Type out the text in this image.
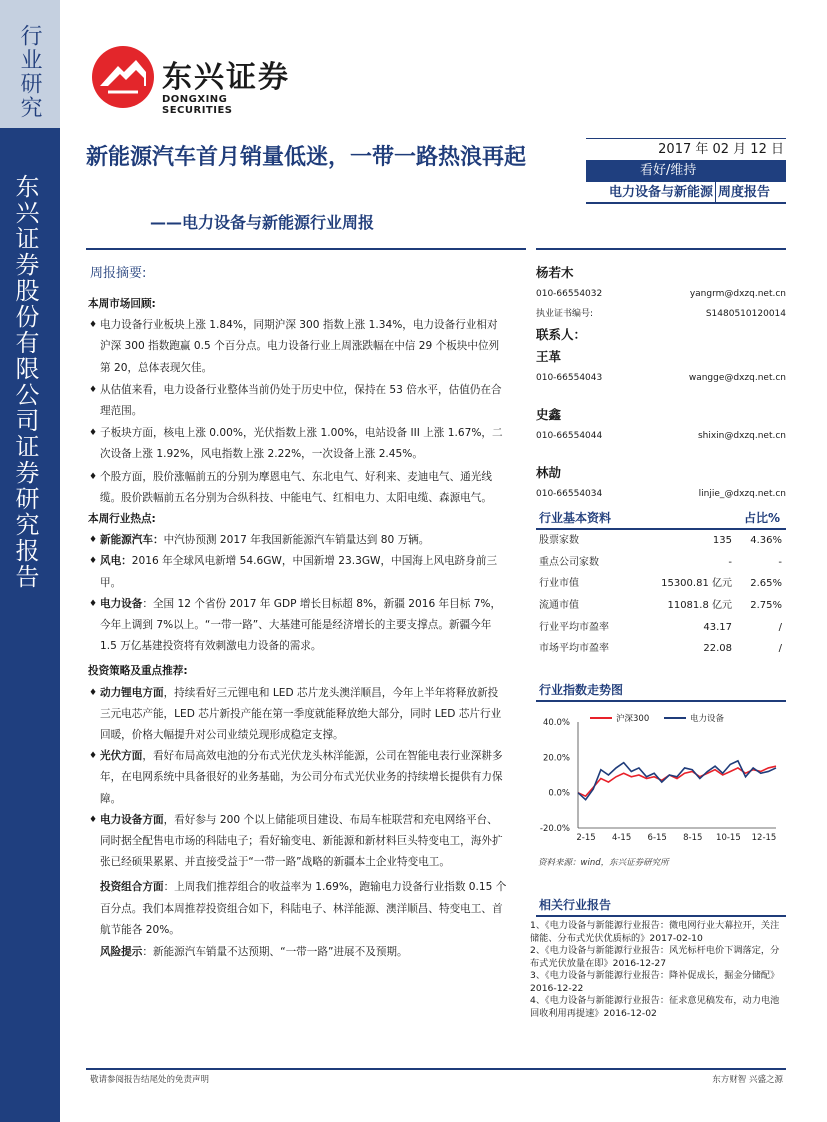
行业研究
东兴证券股份有限公司证券研究报告
东兴证券
DONGXING SECURITIES
新能源汽车首月销量低迷，一带一路热浪再起
——电力设备与新能源行业周报
2017 年 02 月 12 日
看好/维持
电力设备与新能源 周度报告
周报摘要:
本周市场回顾:
♦ 电力设备行业板块上涨 1.84%，同期沪深 300 指数上涨 1.34%，电力设备行业相对沪深 300 指数跑赢 0.5 个百分点。电力设备行业上周涨跌幅在中信 29 个板块中位列第 20，总体表现欠佳。
♦ 从估值来看，电力设备行业整体当前仍处于历史中位，保持在 53 倍水平，估值仍在合理范围。
♦ 子板块方面，核电上涨 0.00%，光伏指数上涨 1.00%，电站设备 III 上涨 1.67%，二次设备上涨 1.92%，风电指数上涨 2.22%，一次设备上涨 2.45%。
♦ 个股方面，股价涨幅前五的分别为摩恩电气、东北电气、好利来、麦迪电气、通光线缆。股价跌幅前五名分别为合纵科技、中能电气、红相电力、太阳电缆、森源电气。
本周行业热点:
♦ 新能源汽车：中汽协预测 2017 年我国新能源汽车销量达到 80 万辆。
♦ 风电：2016 年全球风电新增 54.6GW，中国新增 23.3GW，中国海上风电跻身前三甲。
♦ 电力设备：全国 12 个省份 2017 年 GDP 增长目标超 8%，新疆 2016 年目标 7%，今年上调到 7%以上。“一带一路”、大基建可能是经济增长的主要支撑点。新疆今年 1.5 万亿基建投资将有效刺激电力设备的需求。
投资策略及重点推荐:
♦ 动力锂电方面，持续看好三元锂电和 LED 芯片龙头澳洋顺昌，今年上半年将释放新投三元电芯产能，LED 芯片新投产能在第一季度就能释放绝大部分，同时 LED 芯片行业回暖，价格大幅提升对公司业绩兑现形成稳定支撑。
♦ 光伏方面，看好布局高效电池的分布式光伏龙头林洋能源，公司在智能电表行业深耕多年，在电网系统中具备很好的业务基础，为公司分布式光伏业务的持续增长提供有力保障。
♦ 电力设备方面，看好参与 200 个以上储能项目建设、布局车桩联营和充电网络平台、同时据全配售电市场的科陆电子；看好输变电、新能源和新材料巨头特变电工，海外扩张已经硕果累累、并直接受益于“一带一路”战略的新疆本土企业特变电工。
投资组合方面：上周我们推荐组合的收益率为 1.69%，跑输电力设备行业指数 0.15 个百分点。我们本周推荐投资组合如下，科陆电子、林洋能源、澳洋顺昌、特变电工、首航节能各 20%。
风险提示：新能源汽车销量不达预期、“一带一路”进展不及预期。
杨若木
010-66554032	yangrm@dxzq.net.cn
执业证书编号:	S1480510120014
联系人：
王革
010-66554043	wangge@dxzq.net.cn
史鑫
010-66554044	shixin@dxzq.net.cn
林劼
010-66554034	linjie_@dxzq.net.cn
行业基本资料	占比%
股票家数	135	4.36%
重点公司家数	-	-
行业市值	15300.81 亿元	2.65%
流通市值	11081.8 亿元	2.75%
行业平均市盈率	43.17	/
市场平均市盈率	22.08	/
行业指数走势图
40.0%
20.0%
0.0%
-20.0%
2-15 4-15 6-15 8-15 10-15 12-15
沪深300	电力设备
资料来源：wind，东兴证券研究所
相关行业报告
1、《电力设备与新能源行业报告：微电网行业大幕拉开，关注储能、分布式光伏优质标的》2017-02-10
2、《电力设备与新能源行业报告：风光标杆电价下调落定，分布式光伏放量在即》2016-12-27
3、《电力设备与新能源行业报告：降补促成长，掘金分储配》2016-12-22
4、《电力设备与新能源行业报告：征求意见稿发布，动力电池回收利用再提速》2016-12-02
敬请参阅报告结尾处的免责声明	东方财智 兴盛之源
